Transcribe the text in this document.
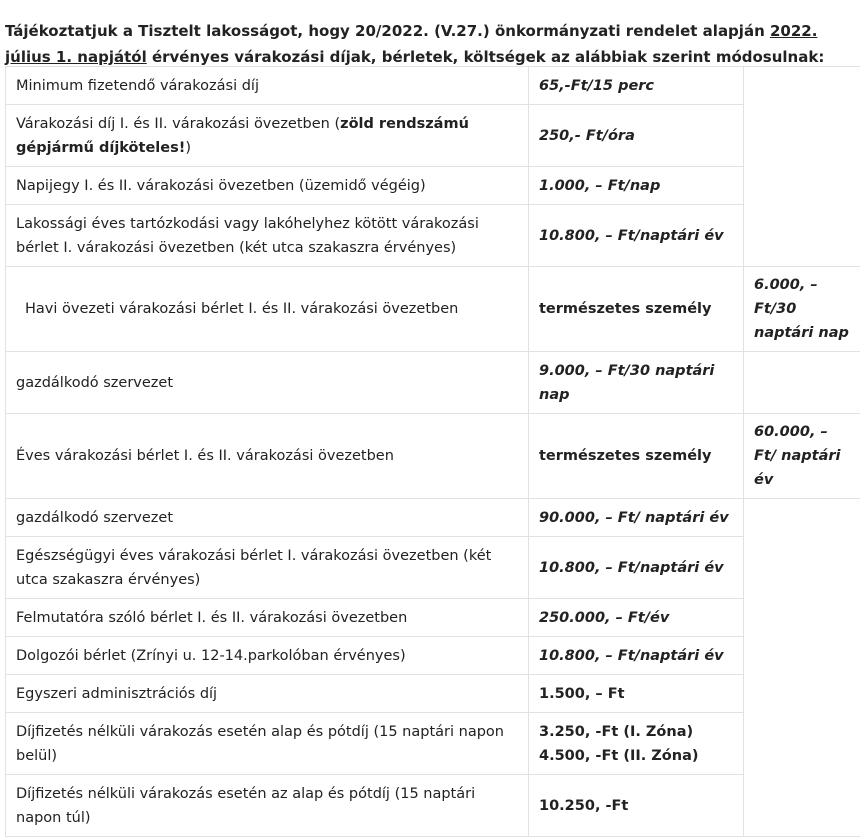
Tájékoztatjuk a Tisztelt lakosságot, hogy 20/2022. (V.27.) önkormányzati rendelet alapján 2022. július 1. napjától érvényes várakozási díjak, bérletek, költségek az alábbiak szerint módosulnak:

Minimum fizetendő várakozási díj	65,-Ft/15 perc	
Várakozási díj I. és II. várakozási övezetben (zöld rendszámú gépjármű díjköteles!)	250,- Ft/óra	
Napijegy I. és II. várakozási övezetben (üzemidő végéig)	1.000, – Ft/nap	
Lakossági éves tartózkodási vagy lakóhelyhez kötött várakozási bérlet I. várakozási övezetben (két utca szakaszra érvényes)	10.800, – Ft/naptári év	
Havi övezeti várakozási bérlet I. és II. várakozási övezetben	természetes személy	6.000, – Ft/30 naptári nap
gazdálkodó szervezet	9.000, – Ft/30 naptári nap	
Éves várakozási bérlet I. és II. várakozási övezetben	természetes személy	60.000, – Ft/ naptári év
gazdálkodó szervezet	90.000, – Ft/ naptári év	
Egészségügyi éves várakozási bérlet I. várakozási övezetben (két utca szakaszra érvényes)	10.800, – Ft/naptári év	
Felmutatóra szóló bérlet I. és II. várakozási övezetben	250.000, – Ft/év	
Dolgozói bérlet (Zrínyi u. 12-14.parkolóban érvényes)	10.800, – Ft/naptári év	
Egyszeri adminisztrációs díj	1.500, – Ft	
Díjfizetés nélküli várakozás esetén alap és pótdíj (15 naptári napon belül)	3.250, -Ft (I. Zóna) 4.500, -Ft (II. Zóna)	
Díjfizetés nélküli várakozás esetén az alap és pótdíj (15 naptári napon túl)	10.250, -Ft	
